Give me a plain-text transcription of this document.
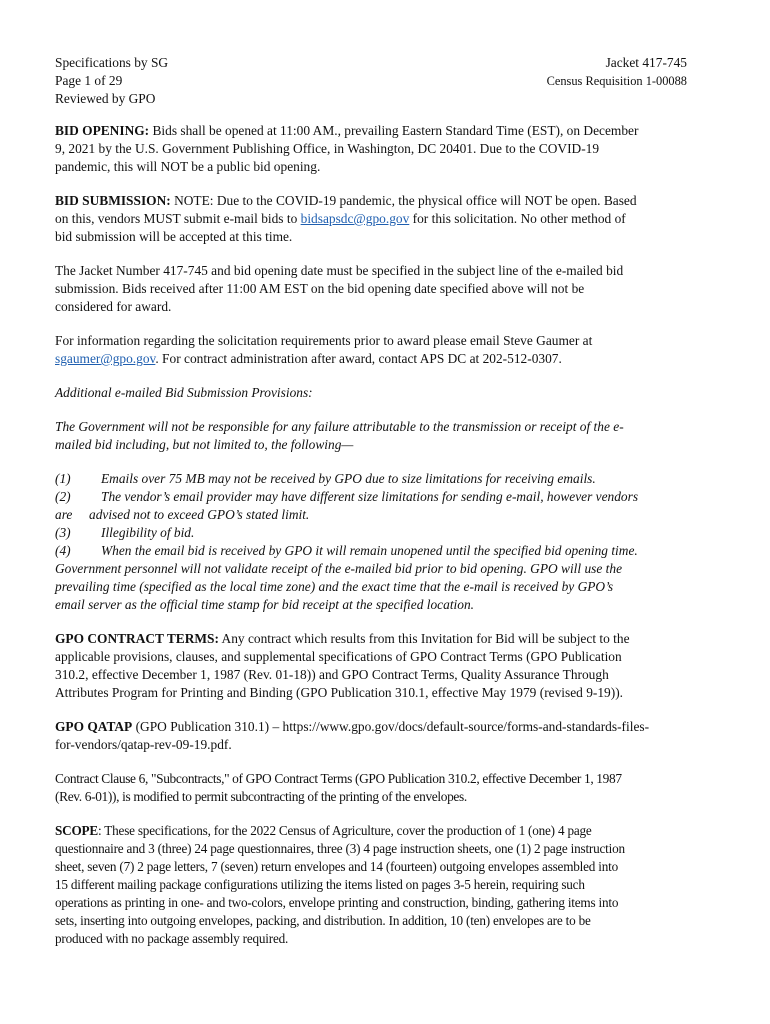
Specifications by SG
Page 1 of 29
Reviewed by GPO
Jacket 417-745
Census Requisition 1-00088

BID OPENING: Bids shall be opened at 11:00 AM., prevailing Eastern Standard Time (EST), on December
9, 2021 by the U.S. Government Publishing Office, in Washington, DC 20401. Due to the COVID-19
pandemic, this will NOT be a public bid opening.

BID SUBMISSION: NOTE: Due to the COVID-19 pandemic, the physical office will NOT be open. Based
on this, vendors MUST submit e-mail bids to bidsapsdc@gpo.gov for this solicitation. No other method of
bid submission will be accepted at this time.

The Jacket Number 417-745 and bid opening date must be specified in the subject line of the e-mailed bid
submission. Bids received after 11:00 AM EST on the bid opening date specified above will not be
considered for award.

For information regarding the solicitation requirements prior to award please email Steve Gaumer at
sgaumer@gpo.gov. For contract administration after award, contact APS DC at 202-512-0307.

Additional e-mailed Bid Submission Provisions:

The Government will not be responsible for any failure attributable to the transmission or receipt of the e-
mailed bid including, but not limited to, the following—

(1) Emails over 75 MB may not be received by GPO due to size limitations for receiving emails.
(2) The vendor’s email provider may have different size limitations for sending e-mail, however vendors
are advised not to exceed GPO’s stated limit.
(3) Illegibility of bid.
(4) When the email bid is received by GPO it will remain unopened until the specified bid opening time.
Government personnel will not validate receipt of the e-mailed bid prior to bid opening. GPO will use the
prevailing time (specified as the local time zone) and the exact time that the e-mail is received by GPO’s
email server as the official time stamp for bid receipt at the specified location.

GPO CONTRACT TERMS: Any contract which results from this Invitation for Bid will be subject to the
applicable provisions, clauses, and supplemental specifications of GPO Contract Terms (GPO Publication
310.2, effective December 1, 1987 (Rev. 01-18)) and GPO Contract Terms, Quality Assurance Through
Attributes Program for Printing and Binding (GPO Publication 310.1, effective May 1979 (revised 9-19)).

GPO QATAP (GPO Publication 310.1) – https://www.gpo.gov/docs/default-source/forms-and-standards-files-
for-vendors/qatap-rev-09-19.pdf.

Contract Clause 6, "Subcontracts," of GPO Contract Terms (GPO Publication 310.2, effective December 1, 1987
(Rev. 6-01)), is modified to permit subcontracting of the printing of the envelopes.

SCOPE: These specifications, for the 2022 Census of Agriculture, cover the production of 1 (one) 4 page
questionnaire and 3 (three) 24 page questionnaires, three (3) 4 page instruction sheets, one (1) 2 page instruction
sheet, seven (7) 2 page letters, 7 (seven) return envelopes and 14 (fourteen) outgoing envelopes assembled into
15 different mailing package configurations utilizing the items listed on pages 3-5 herein, requiring such
operations as printing in one- and two-colors, envelope printing and construction, binding, gathering items into
sets, inserting into outgoing envelopes, packing, and distribution. In addition, 10 (ten) envelopes are to be
produced with no package assembly required.
